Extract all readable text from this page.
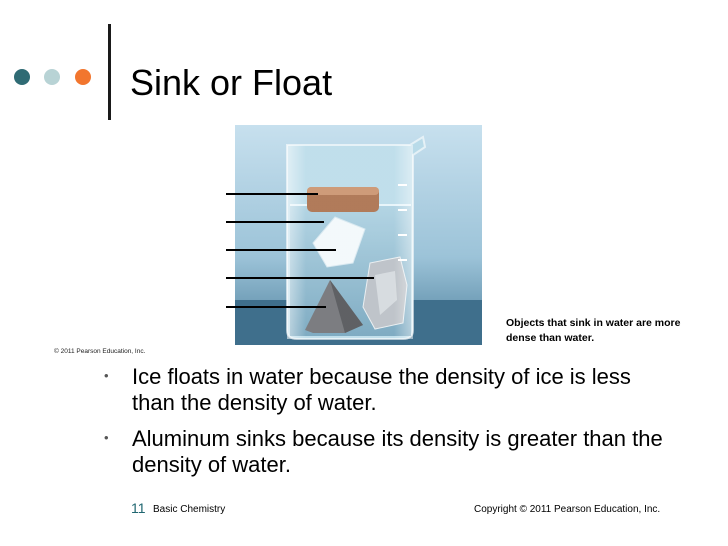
Sink or Float
© 2011 Pearson Education, Inc.
Objects that sink in water are more dense than water.
• Ice floats in water because the density of ice is less than the density of water.
• Aluminum sinks because its density is greater than the density of water.
11 Basic Chemistry	Copyright © 2011 Pearson Education, Inc.
